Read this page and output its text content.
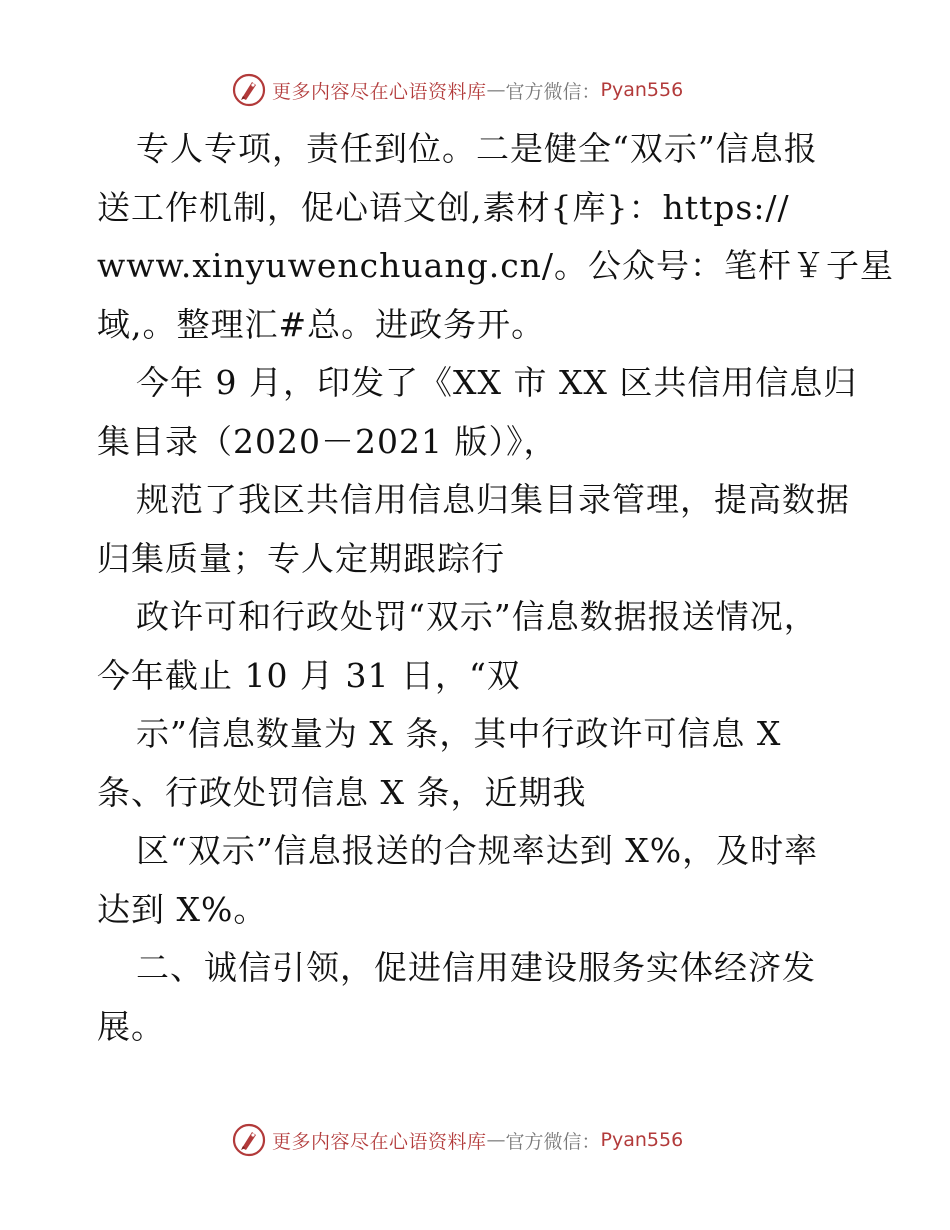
更多内容尽在心语资料库 — 官方微信： Pyan556
专人专项，责任到位。二是健全“双示”信息报
送工作机制，促心语文创,素材{库}：https://
www.xinyuwenchuang.cn/。公众号：笔杆￥子星
域,。整理汇#总。进政务开。
今年 9 月，印发了《XX 市 XX 区共信用信息归
集目录（2020－2021 版）》，
规范了我区共信用信息归集目录管理，提高数据
归集质量；专人定期跟踪行
政许可和行政处罚“双示”信息数据报送情况，
今年截止 10 月 31 日，“双
示”信息数量为 X 条，其中行政许可信息 X
条、行政处罚信息 X 条，近期我
区“双示”信息报送的合规率达到 X%，及时率
达到 X%。
二、诚信引领，促进信用建设服务实体经济发
展。
更多内容尽在心语资料库 — 官方微信： Pyan556
